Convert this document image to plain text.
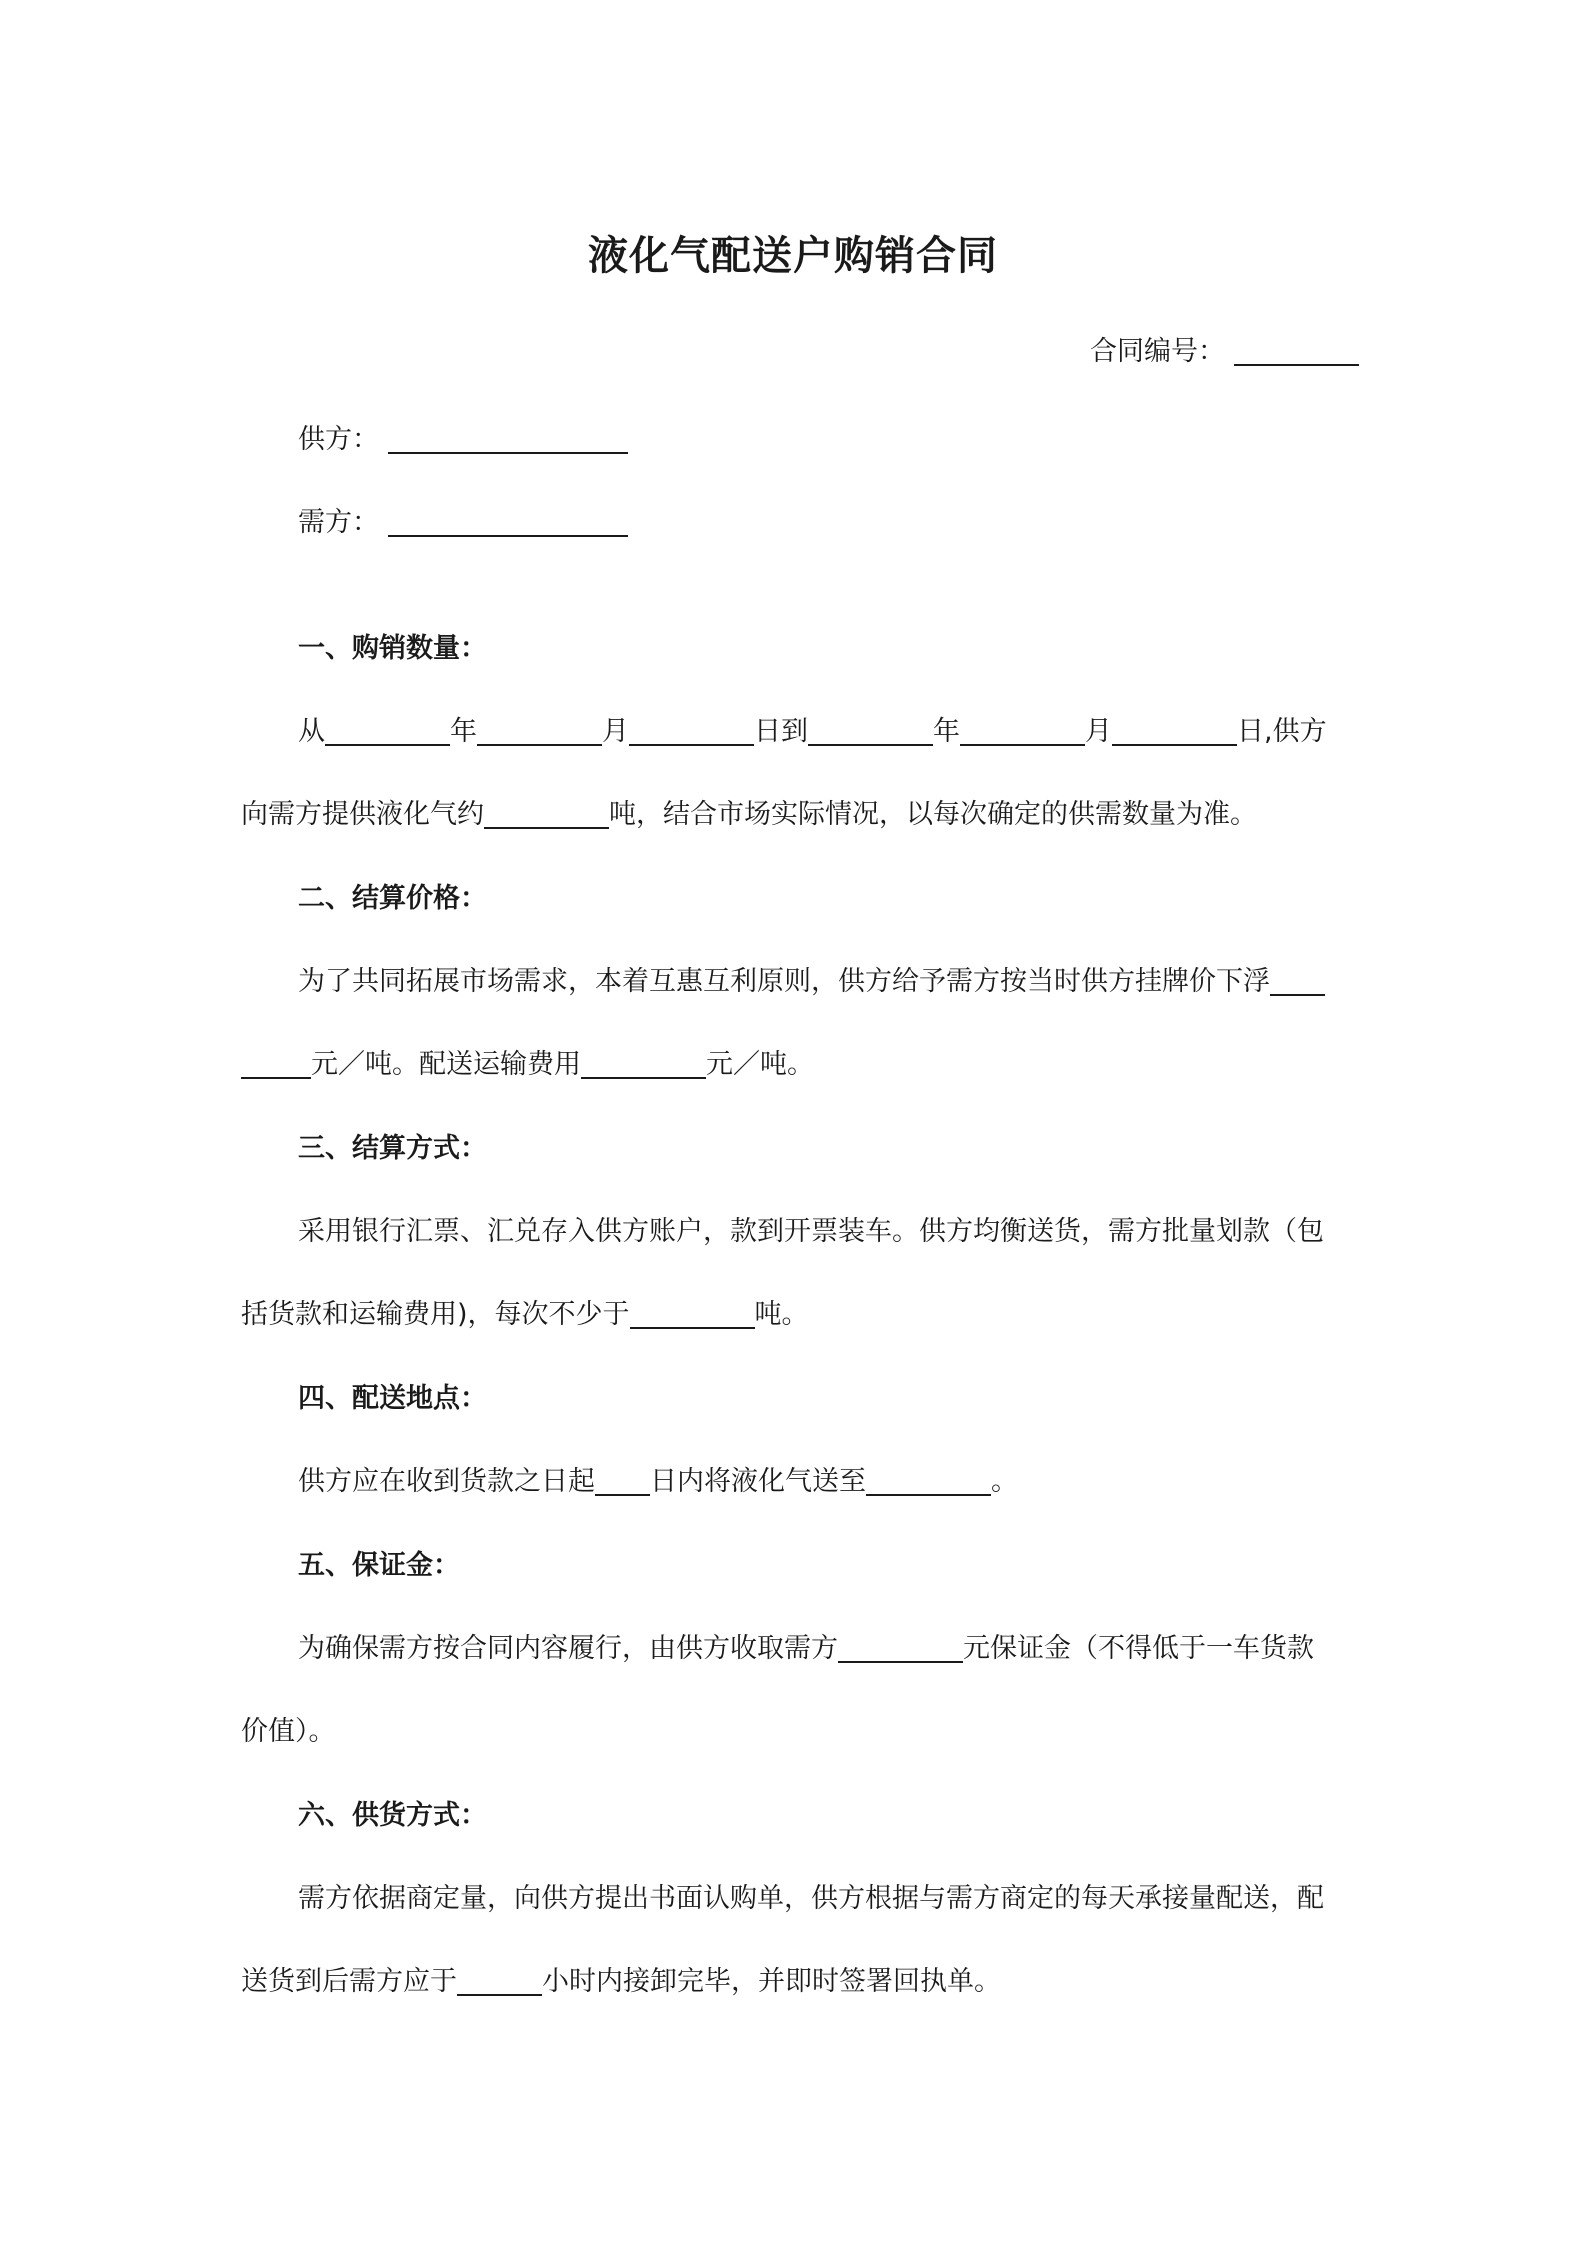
液化气配送户购销合同
合同编号：
供方：
需方：
一、购销数量：
从	年	月	日到	年	月	日,供方
向需方提供液化气约	吨，结合市场实际情况，以每次确定的供需数量为准。
二、结算价格：
为了共同拓展市场需求，本着互惠互利原则，供方给予需方按当时供方挂牌价下浮
元／吨。配送运输费用	元／吨。
三、结算方式：
采用银行汇票、汇兑存入供方账户，款到开票装车。供方均衡送货，需方批量划款（包
括货款和运输费用)，每次不少于	吨。
四、配送地点：
供方应在收到货款之日起 日内将液化气送至	。
五、保证金：
为确保需方按合同内容履行，由供方收取需方	元保证金（不得低于一车货款
价值）。
六、供货方式：
需方依据商定量，向供方提出书面认购单，供方根据与需方商定的每天承接量配送，配
送货到后需方应于	小时内接卸完毕，并即时签署回执单。
